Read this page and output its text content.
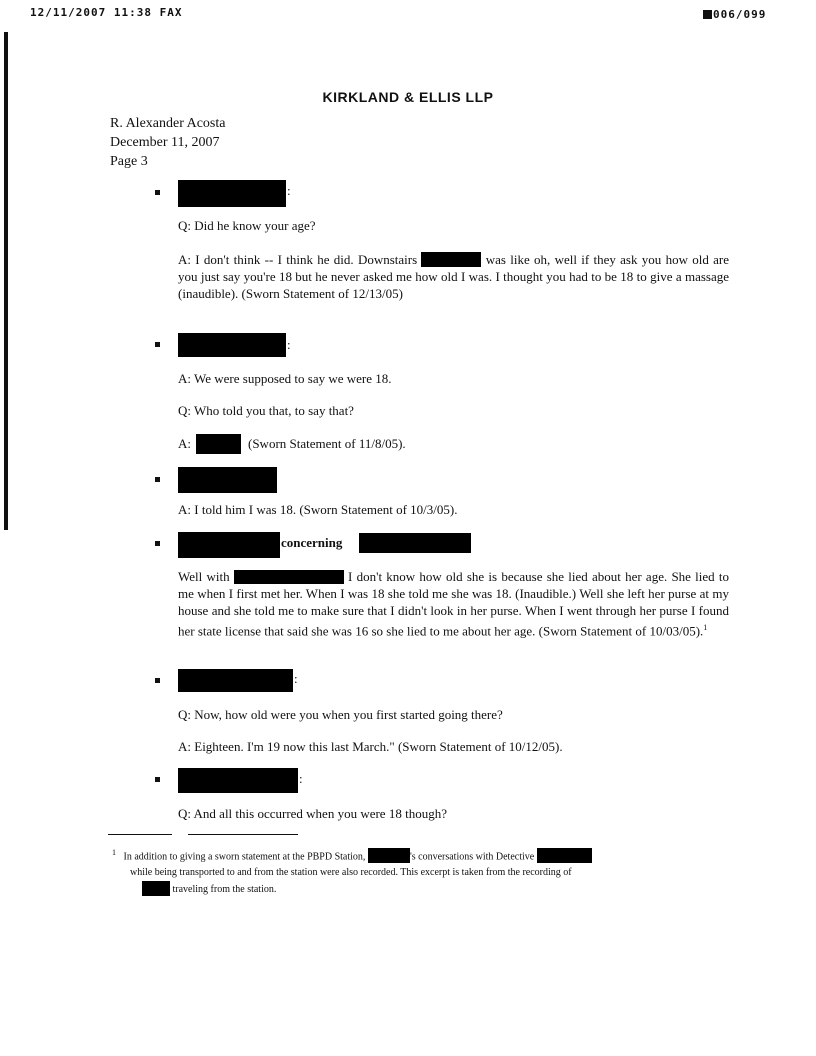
12/11/2007 11:38 FAX	006/099
KIRKLAND & ELLIS LLP
R. Alexander Acosta
December 11, 2007
Page 3
:
Q: Did he know your age?
A: I don't think -- I think he did. Downstairs	was like oh, well if they ask you how old are you just say you're 18 but he never asked me how old I was. I thought you had to be 18 to give a massage (inaudible). (Sworn Statement of 12/13/05)
:
A: We were supposed to say we were 18.
Q: Who told you that, to say that?
A:	(Sworn Statement of 11/8/05).
A: I told him I was 18. (Sworn Statement of 10/3/05).
concerning
Well with	I don't know how old she is because she lied about her age. She lied to me when I first met her. When I was 18 she told me she was 18. (Inaudible.) Well she left her purse at my house and she told me to make sure that I didn't look in her purse. When I went through her purse I found her state license that said she was 16 so she lied to me about her age. (Sworn Statement of 10/03/05).$^1$
:
Q: Now, how old were you when you first started going there?
A: Eighteen. I'm 19 now this last March." (Sworn Statement of 10/12/05).
:
Q: And all this occurred when you were 18 though?
$^1$ In addition to giving a sworn statement at the PBPD Station,	's conversations with Detective
while being transported to and from the station were also recorded. This excerpt is taken from the recording of
traveling from the station.
